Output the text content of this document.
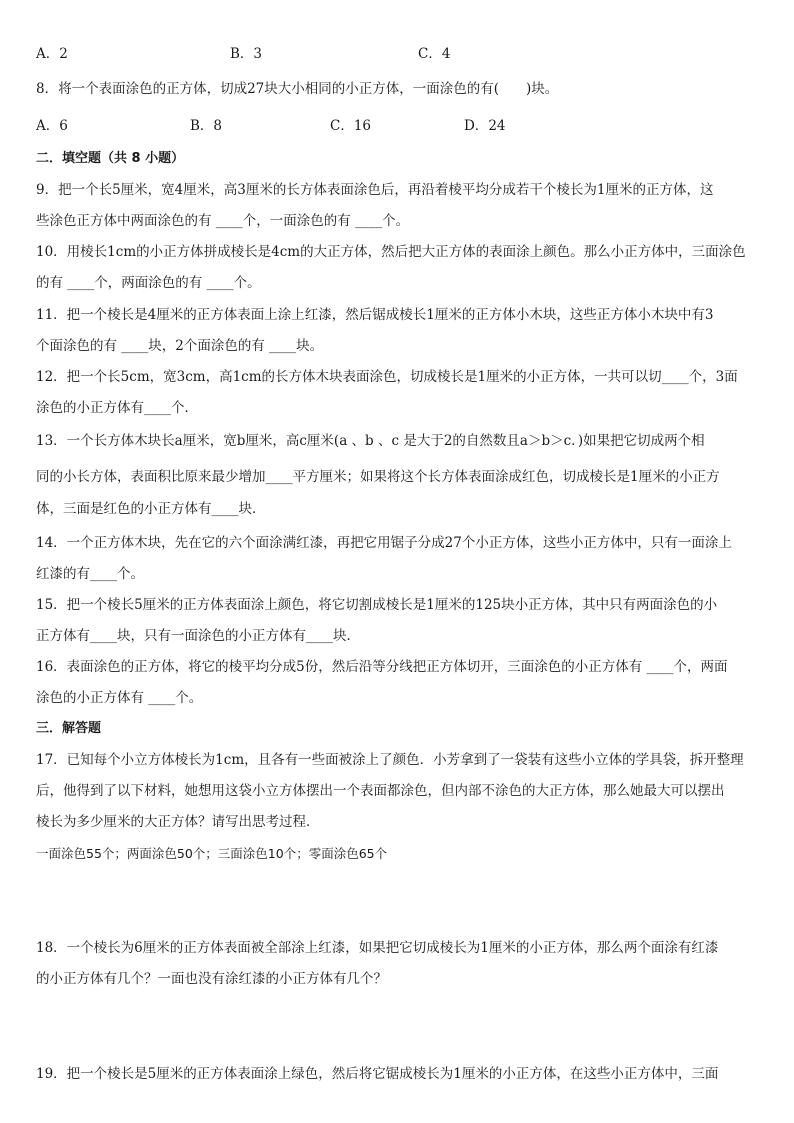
A．2	B．3	C．4
8．将一个表面涂色的正方体，切成27块大小相同的小正方体，一面涂色的有(　　)块。
A．6	B．8	C．16	D．24
二．填空题（共 8 小题）
9．把一个长5厘米，宽4厘米，高3厘米的长方体表面涂色后，再沿着棱平均分成若干个棱长为1厘米的正方体，这
些涂色正方体中两面涂色的有 ____个，一面涂色的有 ____个。
10．用棱长1cm的小正方体拼成棱长是4cm的大正方体，然后把大正方体的表面涂上颜色。那么小正方体中，三面涂色
的有 ____个，两面涂色的有 ____个。
11．把一个棱长是4厘米的正方体表面上涂上红漆，然后锯成棱长1厘米的正方体小木块，这些正方体小木块中有3
个面涂色的有 ____块，2个面涂色的有 ____块。
12．把一个长5cm，宽3cm，高1cm的长方体木块表面涂色，切成棱长是1厘米的小正方体，一共可以切____个，3面
涂色的小正方体有____个．
13．一个长方体木块长a厘米，宽b厘米，高c厘米(a 、b 、c 是大于2的自然数且a＞b＞c．)如果把它切成两个相
同的小长方体，表面积比原来最少增加____平方厘米；如果将这个长方体表面涂成红色，切成棱长是1厘米的小正方
体，三面是红色的小正方体有____块．
14．一个正方体木块，先在它的六个面涂满红漆，再把它用锯子分成27个小正方体，这些小正方体中，只有一面涂上
红漆的有____个。
15．把一个棱长5厘米的正方体表面涂上颜色，将它切割成棱长是1厘米的125块小正方体，其中只有两面涂色的小
正方体有____块，只有一面涂色的小正方体有____块．
16．表面涂色的正方体，将它的棱平均分成5份，然后沿等分线把正方体切开，三面涂色的小正方体有 ____个，两面
涂色的小正方体有 ____个。
三．解答题
17．已知每个小立方体棱长为1cm，且各有一些面被涂上了颜色．小芳拿到了一袋装有这些小立体的学具袋，拆开整理
后，他得到了以下材料，她想用这袋小立方体摆出一个表面都涂色，但内部不涂色的大正方体，那么她最大可以摆出
棱长为多少厘米的大正方体？请写出思考过程．
一面涂色55个；两面涂色50个；三面涂色10个；零面涂色65个
18．一个棱长为6厘米的正方体表面被全部涂上红漆，如果把它切成棱长为1厘米的小正方体，那么两个面涂有红漆
的小正方体有几个？一面也没有涂红漆的小正方体有几个？
19．把一个棱长是5厘米的正方体表面涂上绿色，然后将它锯成棱长为1厘米的小正方体，在这些小正方体中，三面
